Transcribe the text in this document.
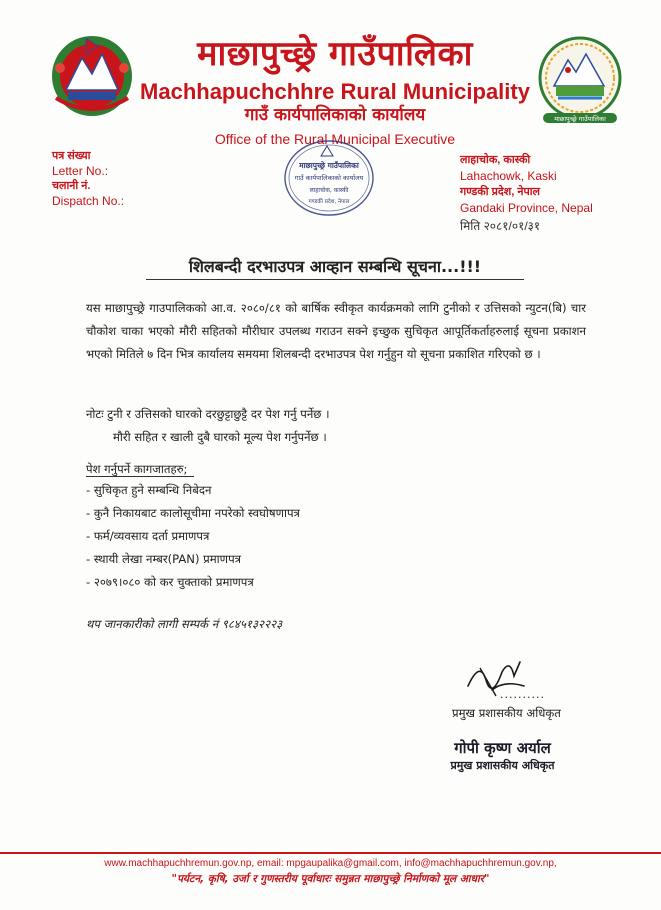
माछापुच्छ्रे गाउँपालिका
Machhapuchchhre Rural Municipality
गाउँ कार्यपालिकाको कार्यालय
Office of the Rural Municipal Executive
माछापुच्छ्रे गाउँपालिका
पत्र संख्या
Letter No.:
चलानी नं.
Dispatch No.:
माछापुच्छ्रे गाउँपालिका
गाउँ कार्यपालिकाको कार्यालय
लाहाचोक, कास्की
गण्डकी प्रदेश, नेपाल
लाहाचोक, कास्की
Lahachowk, Kaski
गण्डकी प्रदेश, नेपाल
Gandaki Province, Nepal
मिति २०८१/०१/३१
शिलबन्दी दरभाउपत्र आव्हान सम्बन्धि सूचना...!!!
यस माछापुच्छ्रे गाउपालिकको आ.व. २०८०/८१ को बार्षिक स्वीकृत कार्यक्रमको लागि टुनीको र उत्तिसको न्युटन(बि) चार चौकोश चाका भएको मौरी सहितको मौरीघार उपलब्ध गराउन सक्ने इच्छुक सुचिकृत आपूर्तिकर्ताहरुलाई सूचना प्रकाशन भएको मितिले ७ दिन भित्र कार्यालय समयमा शिलबन्दी दरभाउपत्र पेश गर्नुहुन यो सूचना प्रकाशित गरिएको छ ।
नोटः टुनी र उत्तिसको घारको दरछुट्टाछुट्टै दर पेश गर्नु पर्नेछ ।
मौरी सहित र खाली दुबै घारको मूल्य पेश गर्नुपर्नेछ ।
पेश गर्नुपर्ने कागजातहरु;
- सुचिकृत हुने सम्बन्धि निबेदन
- कुनै निकायबाट कालोसूचीमा नपरेको स्वघोषणापत्र
- फर्म/व्यवसाय दर्ता प्रमाणपत्र
- स्थायी लेखा नम्बर(PAN) प्रमाणपत्र
- २०७९।०८० को कर चुक्ताको प्रमाणपत्र
थप जानकारीको लागी सम्पर्क नं ९८४५१३२२२३
..........
प्रमुख प्रशासकीय अधिकृत
गोपी कृष्ण अर्याल
प्रमुख प्रशासकीय अधिकृत
www.machhapuchhremun.gov.np, email: mpgaupalika@gmail.com, info@machhapuchhremun.gov.np,
"पर्यटन, कृषि, उर्जा र गुणस्तरीय पूर्वाधारः समुन्नत माछापुच्छ्रे निर्माणको मूल आधार"
